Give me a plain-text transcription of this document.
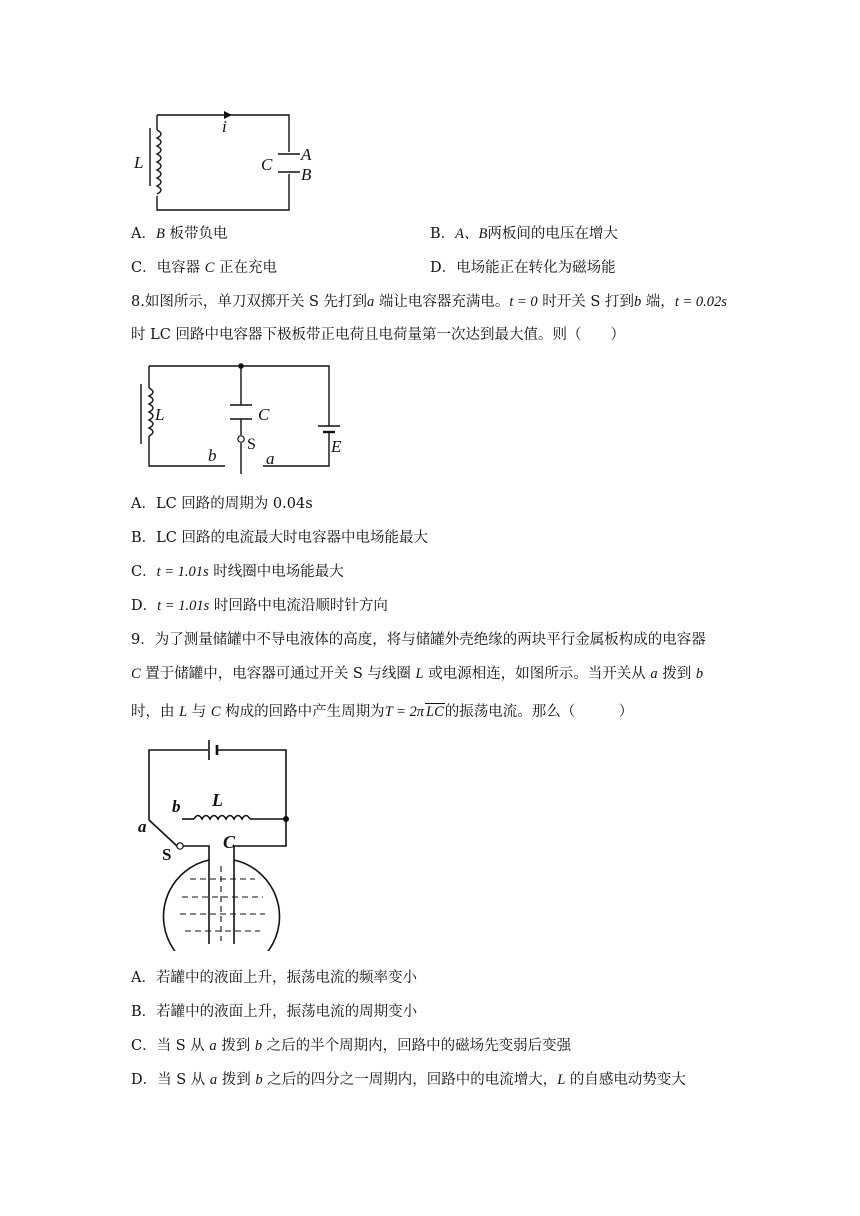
i
L	C
A
B
A．B 板带负电	B．A、B两板间的电压在增大
C．电容器 C 正在充电	D．电场能正在转化为磁场能
8.如图所示，单刀双掷开关 S 先打到a 端让电容器充满电。t = 0 时开关 S 打到b 端，t = 0.02s
时 LC 回路中电容器下极板带正电荷且电荷量第一次达到最大值。则（　　）
L	C
S	E
b	a
A．LC 回路的周期为 0.04s
B．LC 回路的电流最大时电容器中电场能最大
C．t = 1.01s 时线圈中电场能最大
D．t = 1.01s 时回路中电流沿顺时针方向
9．为了测量储罐中不导电液体的高度，将与储罐外壳绝缘的两块平行金属板构成的电容器
C 置于储罐中，电容器可通过开关 S 与线圈 L 或电源相连，如图所示。当开关从 a 拨到 b
时，由 L 与 C 构成的回路中产生周期为T = 2π LC的振荡电流。那么（　　　）
L
b
a
S
C
A．若罐中的液面上升，振荡电流的频率变小
B．若罐中的液面上升，振荡电流的周期变小
C．当 S 从 a 拨到 b 之后的半个周期内，回路中的磁场先变弱后变强
D．当 S 从 a 拨到 b 之后的四分之一周期内，回路中的电流增大，L 的自感电动势变大
